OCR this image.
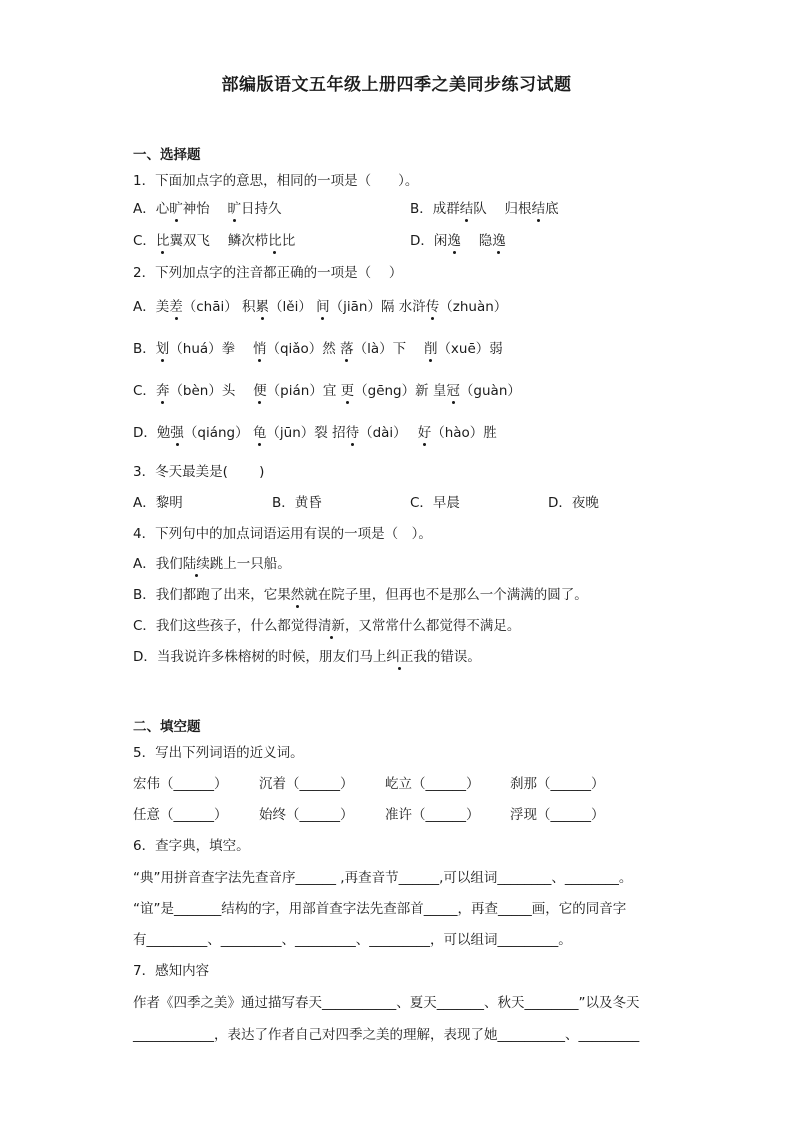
部编版语文五年级上册四季之美同步练习试题
一、选择题
1．下面加点字的意思，相同的一项是（　　）。
A．心旷神怡　 旷日持久	B．成群结队　 归根结底
C．比翼双飞　 鳞次栉比比	D．闲逸　 隐逸
2．下列加点字的注音都正确的一项是（　 ）
A．美差（chāi） 积累（lěi） 间（jiān）隔 水浒传（zhuàn）
B．划（huá）拳　 悄（qiǎo）然 落（là）下　 削（xuē）弱
C．奔（bèn）头　 便（pián）宜 更（gēng）新 皇冠（guàn）
D．勉强（qiáng） 龟（jūn）裂 招待（dài）　 好（hào）胜
3．冬天最美是(　　 )
A．黎明	B．黄昏	C．早晨	D．夜晚
4．下列句中的加点词语运用有误的一项是（　）。
A．我们陆续跳上一只船。
B．我们都跑了出来，它果然就在院子里，但再也不是那么一个满满的圆了。
C．我们这些孩子，什么都觉得清新，又常常什么都觉得不满足。
D．当我说许多株榕树的时候，朋友们马上纠正我的错误。
二、填空题
5．写出下列词语的近义词。
宏伟（______） 沉着（______） 屹立（______） 刹那（______）
任意（______） 始终（______） 准许（______） 浮现（______）
6．查字典，填空。
“典”用拼音查字法先查音序______ ,再查音节______,可以组词________、________。
“谊”是_______结构的字，用部首查字法先查部首_____，再查_____画，它的同音字
有_________、_________、_________、_________，可以组词_________。
7．感知内容
作者《四季之美》通过描写春天___________、夏天_______、秋天________”以及冬天
____________，表达了作者自己对四季之美的理解，表现了她__________、_________
